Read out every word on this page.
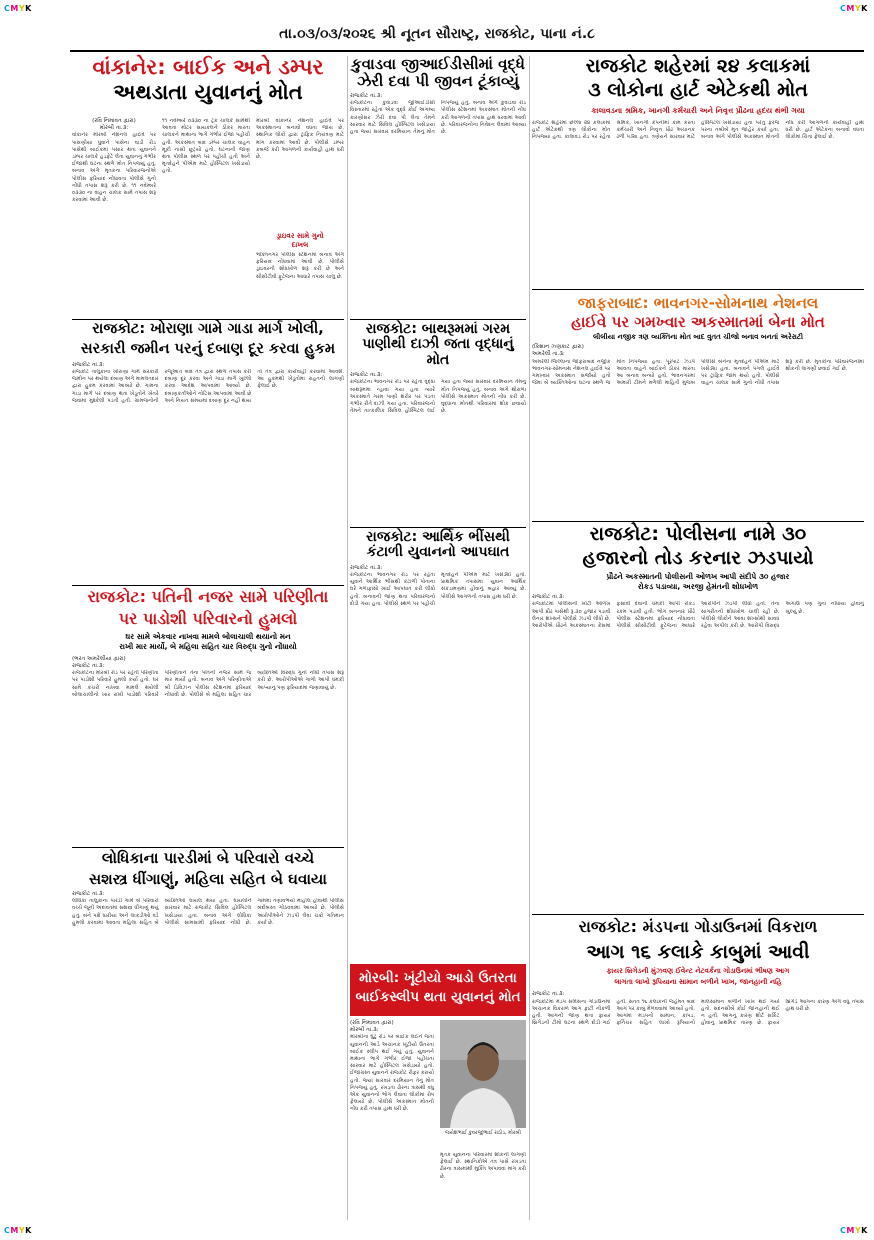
CMYK	CMYK
CMYK	CMYK
તા.૦૩/૦૩/૨૦૨૬ શ્રી નૂતન સૌરાષ્ટ્ર, રાજકોટ, પાના નં.૮
વાંકાનેર: બાઈક અને ડમ્પર
અથડાતા યુવાનનું મોત
(રવિ નિમાવત દ્વારા)
મોરબી તા.૩:
વાંકાનેર મોરબી નેશનલ હાઈવે પર પાસણીયા ધુવાને પાસેના વાડી રોડ પાસેથી બાઈકમાં પસાર થતા યુવાનને ડમ્પર ચાલકે હડફેટે લેતા યુવાનનું ગંભીર ઈજાથી ઘટના સ્થળે મોત નિપજ્યું હતું. બનાવ અંગે મૃતકના પરિવારજનોએ પોલીસ ફરિયાદ નોંધાવતા પોલીસે ગુનો નોંધી તપાસ શરૂ કરી છે. ૧૧ નવેમ્બરે ૦૩૩૦ ના વાહન ચાલક સામે તપાસ શરૂ કરવામાં આવી છે.
૧૧ નવેમ્બરે ૦૩૩૦ ના ટ્રક ચાલકે સામેથી આવતા મોટર સાયકલને ઠોકર મારતા ચાલકને માથાના ભાગે ગંભીર ઈજા પહોંચી હતી. અકસ્માત બાદ ડમ્પર ચાલક વાહન મૂકી નાસી છૂટ્યો હતો. ઘટનાની જાણ થતા પોલીસ સ્થળ પર પહોંચી હતી અને મૃતદેહને પીએમ માટે હોસ્પિટલ ખસેડાયો હતો.
મોરબી વાંકાનેર નેશનલ હાઈવે પર અકસ્માતના બનાવો વધતા જાય છે. સ્થાનિક લોકો દ્વારા ટ્રાફિક નિયંત્રણ માટે માંગ કરવામાં આવી છે. પોલીસે ડમ્પર કબજે કરી આગળની કાર્યવાહી હાથ ધરી છે.
ડ્રાઇવર સામે ગુનો
દાખલ
ભક્તિનગર પોલીસ સ્ટેશનમાં બનાવ અંગે ફરિયાદ નોંધવામાં આવી છે. પોલીસે ડ્રાઇવરની શોધખોળ શરૂ કરી છે અને સીસીટીવી ફૂટેજના આધારે તપાસ ચાલુ છે.
કુવાડવા જીઆઈડીસીમાં વૃદ્ધે ઝેરી દવા પી જીવન ટૂંકાવ્યું
રાજકોટ તા.૩:
રાજકોટના કુવાડવા જીઆઈડીસી વિસ્તારમાં રહેતા એક વૃદ્ધે કોઈ અગમ્ય કારણોસર ઝેરી દવા પી લેતા તેમને સારવાર માટે સિવિલ હોસ્પિટલ ખસેડાયા હતા જ્યાં સારવાર દરમિયાન તેમનું મોત નિપજ્યું હતું. બનાવ અંગે કુવાડવા રોડ પોલીસ સ્ટેશનમાં અકસ્માત મોતની નોંધ કરી આગળની તપાસ હાથ ધરવામાં આવી છે. પરિવારજનોના નિવેદન લેવામાં આવ્યા છે.
રાજકોટ શહેરમાં ૨૪ કલાકમાં
૩ લોકોના હાર્ટ એટેકથી મોત
કાલાવડના શ્રમિક, ખાનગી કર્મચારી અને નિવૃત્ત પ્રૌઢના હ્રદય થંભી ગયા
રાજકોટ શહેરમાં છેલ્લા ૨૪ કલાકમાં હાર્ટ એટેકથી ત્રણ લોકોના મોત નિપજ્યા હતા. કાલાવડ રોડ પર રહેતા શ્રમિક, ખાનગી કંપનીમાં કામ કરતા કર્મચારી અને નિવૃત્ત પ્રૌઢ અચાનક ઢળી પડ્યા હતા. ત્રણેયને સારવાર માટે હોસ્પિટલ ખસેડાયા હતા પરંતુ ફરજ પરના તબીબે મૃત જાહેર કર્યા હતા. બનાવ અંગે પોલીસે અકસ્માત મોતની નોંધ કરી આગળની કાર્યવાહી હાથ ધરી છે. હાર્ટ એટેકના બનાવો વધતા લોકોમાં ચિંતા ફેલાઈ છે.
જાફરાબાદ: ભાવનગર-સોમનાથ નેશનલ
હાઈવે પર ગમખ્વાર અકસ્માતમાં બેના મોત
લીલીયા નજીક ત્રણ વ્યક્તિના મોત બાદ વુતત ચીજો બનાવ બનતાં અરેરાટી
(કિશાન ઝણકાટ દ્વારા)
અમરેલી તા.૩:
અમરેલી જિલ્લાના જાફરાબાદ નજીક ભાવનગર-સોમનાથ નેશનલ હાઈવે પર ગમખ્વાર અકસ્માત સર્જાયો હતો જેમાં બે વ્યક્તિઓના ઘટના સ્થળે જ મોત નિપજ્યા હતા. પૂરપાટ ઝડપે આવતા વાહને બાઈકને ઠોકર મારતા આ બનાવ બન્યો હતો. ભાવનગરમાં અમારી ટીમને મળેલી માહિતી મુજબ પોલીસે બંનેના મૃતદેહને પીએમ માટે ખસેડ્યા હતા. બનાવને પગલે હાઈવે પર ટ્રાફિક જામ થયો હતો. પોલીસે વાહન ચાલક સામે ગુનો નોંધી તપાસ શરૂ કરી છે. મૃતકોના પરિવારજનોમાં શોકની લાગણી છવાઈ ગઈ છે.
રાજકોટ: ખોરાણા ગામે ગાડા માર્ગ ખોલી,
સરકારી જમીન પરનું દબાણ દૂર કરવા હુકમ
રાજકોટ તા.૩:
રાજકોટ તાલુકાના ખોરાણા ગામે સરકારી જમીન પર થયેલા દબાણ અંગે મામલતદાર દ્વારા હુકમ કરવામાં આવ્યો છે. ગામના ગાડા માર્ગ પર દબાણ થતા ખેડૂતોને ખેતરે જવામાં મુશ્કેલી પડતી હતી. ગ્રામજનોની રજૂઆત બાદ તંત્ર દ્વારા સ્થળ તપાસ કરી દબાણ દૂર કરવા અને ગાડા માર્ગ ખુલ્લો કરવા આદેશ આપવામાં આવ્યો છે. દબાણકર્તાઓને નોટિસ આપવામાં આવી છે અને નિયત સમયમાં દબાણ દૂર નહીં થાય તો તંત્ર દ્વારા કાર્યવાહી કરવામાં આવશે. આ હુકમથી ખેડૂતોમાં રાહતની લાગણી ફેલાઈ છે.
રાજકોટ: બાથરૂમમાં ગરમ પાણીથી દાઝી જતા વૃદ્ધાનું મોત
રાજકોટ તા.૩:
રાજકોટના ભાવનગર રોડ પર રહેતા વૃદ્ધા બાથરૂમમાં ન્હાવા ગયા હતા ત્યારે અકસ્માતે ગરમ પાણી શરીર પર પડતા ગંભીર રીતે દાઝી ગયા હતા. પરિવારજનો તેમને તાત્કાલિક સિવિલ હોસ્પિટલ લઈ ગયા હતા જ્યાં સારવાર દરમિયાન તેમનું મોત નિપજ્યું હતું. બનાવ અંગે થોરાળા પોલીસે અકસ્માત મોતની નોંધ કરી છે. વૃદ્ધાના મોતથી પરિવારમાં શોક છવાયો છે.
રાજકોટ: આર્થિક ભીંસથી કંટાળી યુવાનનો આપઘાત
રાજકોટ તા.૩:
રાજકોટના ભાવનગર રોડ પર રહેતા યુવાને આર્થિક ભીંસથી કંટાળી પોતાના ઘરે ગળાફાંસો ખાઈ આપઘાત કરી લીધો હતો. બનાવની જાણ થતા પરિવારજનો દોડી ગયા હતા. પોલીસે સ્થળ પર પહોંચી મૃતદેહને પીએમ માટે ખસેડ્યો હતો. પ્રાથમિક તપાસમાં યુવાન આર્થિક સંકડામણમાં હોવાનું બહાર આવ્યું છે. પોલીસે આગળની તપાસ હાથ ધરી છે.
રાજકોટ: પોલીસના નામે ૩૦
હજારનો તોડ કરનાર ઝડપાયો
પ્રૌઢને અકસ્માતની પોલીસની ઓળખ આપી સંદીપે ૩૦ હજાર
રોકડ પડાવ્યા, અરજી હેમંતની શોધખોળ
રાજકોટ તા.૩:
રાજકોટમાં પોલીસની ખોટી ઓળખ આપી પ્રૌઢ પાસેથી રૂ.૩૦ હજાર પડાવી લેનાર શખ્સને પોલીસે ઝડપી લીધો છે. આરોપીએ પ્રૌઢને અકસ્માતના કેસમાં ફસાવી દેવાની ધમકી આપી રોકડ રકમ પડાવી હતી. ભોગ બનનાર પ્રૌઢે પોલીસ સ્ટેશનમાં ફરિયાદ નોંધાવતા પોલીસે સીસીટીવી ફૂટેજના આધારે આરોપીને ઝડપી લીધો હતો. તેના સાગરીતની શોધખોળ ચાલી રહી છે. પોલીસે લોકોને આવા શખ્સોથી સાવધ રહેવા અપીલ કરી છે. આરોપી વિરુદ્ધ અગાઉ પણ ગુના નોંધાયા હોવાનું ખુલ્યું છે.
રાજકોટ: પતિની નજર સામે પરિણીતા
પર પાડોશી પરિવારનો હુમલો
ઘર સામે એકવાર નાખવા મામલે બોલાચાલી થયાનો મન
રાખી માર માર્યો, બે મહિલા સહિત ચાર વિરુદ્ધ ગુનો નોંધાયો
(ભરત અમરેલીયા દ્વારા)
રાજકોટ તા.૩:
રાજકોટના મોરબી રોડ પર રહેતી પરિણીતા પર પાડોશી પરિવારે હુમલો કર્યો હતો. ઘર સામે કચરો નાખવા મામલે થયેલી બોલાચાલીનો ખાર રાખી પાડોશી પરિવારે પરિણીતાને તેના પતિની નજર સામે જ માર માર્યો હતો. બનાવ અંગે પરિણીતાએ બી ડિવિઝન પોલીસ સ્ટેશનમાં ફરિયાદ નોંધાવી છે. પોલીસે બે મહિલા સહિત ચાર વ્યક્તિઓ વિરુદ્ધ ગુનો નોંધી તપાસ શરૂ કરી છે. આરોપીઓએ ગાળો આપી ધમકી આપ્યાનું પણ ફરિયાદમાં જણાવાયું છે.
લોધિકાના પારડીમાં બે પરિવારો વચ્ચે
સશસ્ત્ર ધીંગાણું, મહિલા સહિત બે ઘવાયા
રાજકોટ તા.૩:
લોધિકા તાલુકાના પારડી ગામે બે પરિવારો વચ્ચે જૂની અદાવતમાં સશસ્ત્ર ધીંગાણું થયું હતું. બંને પક્ષે ધારીયા અને લાકડીઓ વડે હુમલો કરવામાં આવતા મહિલા સહિત બે વ્યક્તિઓ ઘાયલ થયા હતા. ઘાયલોને સારવાર માટે રાજકોટ સિવિલ હોસ્પિટલ ખસેડાયા હતા. બનાવ અંગે લોધિકા પોલીસે સામસામી ફરિયાદ નોંધી છે. ગામમાં તણાવભર્યો માહોલ હોવાથી પોલીસ બંદોબસ્ત ગોઠવવામાં આવ્યો છે. પોલીસે આરોપીઓને ઝડપી લેવા ચક્રો ગતિમાન કર્યા છે.
મોરબી: ખૂંટીયો આડો ઉતરતા
બાઈકસ્લીપ થતા યુવાનનું મોત
(રવિ નિમાવત દ્વારા)
મોરબી તા.૩:
મોરબીના ઘુંટુ રોડ પર બાઈક લઈને જતા યુવાનની આડે અચાનક ખૂંટીયો ઉતરતા બાઈક સ્લીપ થઈ ગયું હતું. યુવાનને માથાના ભાગે ગંભીર ઈજા પહોંચતા સારવાર માટે હોસ્પિટલ ખસેડાયો હતો. ઈજાગ્રસ્ત યુવાનને રાજકોટ રીફર કરાયો હતો. જ્યાં સારવાર દરમિયાન તેનું મોત નિપજ્યું હતું. રખડતા ઢોરના ત્રાસથી વધુ એક યુવાનનો ભોગ લેવાતા લોકોમાં રોષ ફેલાયો છે. પોલીસે અકસ્માત મોતની નોંધ કરી તપાસ હાથ ધરી છે.
જયેશભાઈ કુંવરજીભાઈ રાઠોડ, મોરબી
મૃતક યુવાનના પરિવારમાં શોકની લાગણી ફેલાઈ છે. સ્થાનિકોએ તંત્ર પાસે રખડતા ઢોરના ત્રાસમાંથી મુક્તિ અપાવવા માંગ કરી છે.
રાજકોટ: મંડપના ગોડાઉનમાં વિકરાળ
આગ ૧૬ કલાકે કાબુમાં આવી
ફાયર બ્રિગેડની મુંઝવણ ઈવેન્ટ નેટવર્કના ગોડાઉનમાં ભીષણ આગ
લાગતા લાખો રૂપિયાના સામાન બળીને ખાખ, જાનહાની નહિ
રાજકોટ તા.૩:
રાજકોટમાં મંડપ સર્વિસના ગોડાઉનમાં અચાનક વિકરાળ આગ ફાટી નીકળી હતી. આગની જાણ થતા ફાયર બ્રિગેડની ટીમો ઘટના સ્થળે દોડી ગઈ હતી. સતત ૧૬ કલાકની જહેમત બાદ આગ પર કાબુ મેળવવામાં આવ્યો હતો. આગમાં મંડપનો સામાન, કાપડ, ફર્નિચર સહિત લાખો રૂપિયાનો માલસામાન બળીને ખાખ થઈ ગયો હતો. સદનસીબે કોઈ જાનહાની થઈ ન હતી. આગનું કારણ શોર્ટ સર્કિટ હોવાનું પ્રાથમિક તારણ છે. ફાયર બ્રિગેડે આગના કારણ અંગે વધુ તપાસ હાથ ધરી છે.
